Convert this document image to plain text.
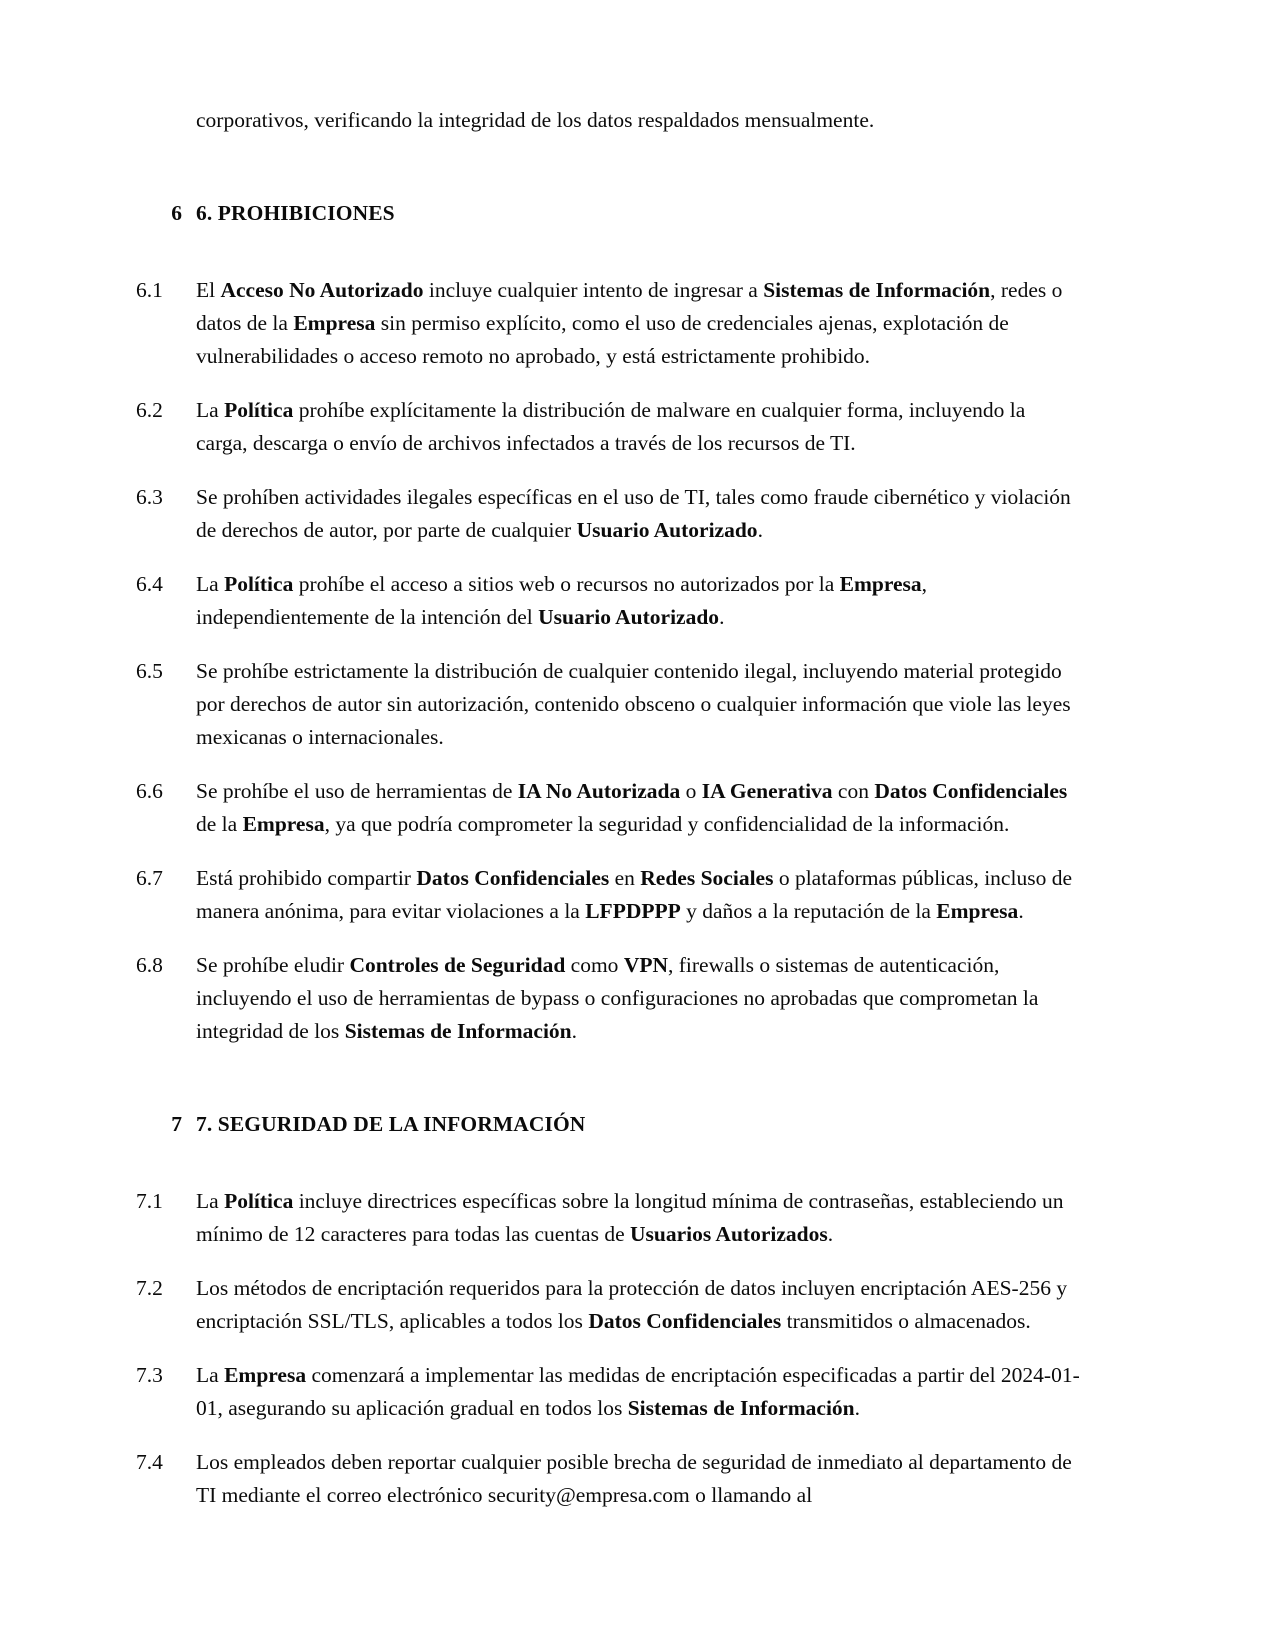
corporativos, verificando la integridad de los datos respaldados mensualmente.

6 6. PROHIBICIONES
6.1	El Acceso No Autorizado incluye cualquier intento de ingresar a Sistemas de Información, redes o datos de la Empresa sin permiso explícito, como el uso de credenciales ajenas, explotación de vulnerabilidades o acceso remoto no aprobado, y está estrictamente prohibido.
6.2	La Política prohíbe explícitamente la distribución de malware en cualquier forma, incluyendo la carga, descarga o envío de archivos infectados a través de los recursos de TI.
6.3	Se prohíben actividades ilegales específicas en el uso de TI, tales como fraude cibernético y violación de derechos de autor, por parte de cualquier Usuario Autorizado.
6.4	La Política prohíbe el acceso a sitios web o recursos no autorizados por la Empresa, independientemente de la intención del Usuario Autorizado.
6.5	Se prohíbe estrictamente la distribución de cualquier contenido ilegal, incluyendo material protegido por derechos de autor sin autorización, contenido obsceno o cualquier información que viole las leyes mexicanas o internacionales.
6.6	Se prohíbe el uso de herramientas de IA No Autorizada o IA Generativa con Datos Confidenciales de la Empresa, ya que podría comprometer la seguridad y confidencialidad de la información.
6.7	Está prohibido compartir Datos Confidenciales en Redes Sociales o plataformas públicas, incluso de manera anónima, para evitar violaciones a la LFPDPPP y daños a la reputación de la Empresa.
6.8	Se prohíbe eludir Controles de Seguridad como VPN, firewalls o sistemas de autenticación, incluyendo el uso de herramientas de bypass o configuraciones no aprobadas que comprometan la integridad de los Sistemas de Información.
7 7. SEGURIDAD DE LA INFORMACIÓN
7.1	La Política incluye directrices específicas sobre la longitud mínima de contraseñas, estableciendo un mínimo de 12 caracteres para todas las cuentas de Usuarios Autorizados.
7.2	Los métodos de encriptación requeridos para la protección de datos incluyen encriptación AES-256 y encriptación SSL/TLS, aplicables a todos los Datos Confidenciales transmitidos o almacenados.
7.3	La Empresa comenzará a implementar las medidas de encriptación especificadas a partir del 2024-01-01, asegurando su aplicación gradual en todos los Sistemas de Información.
7.4	Los empleados deben reportar cualquier posible brecha de seguridad de inmediato al departamento de TI mediante el correo electrónico security@empresa.com o llamando al
